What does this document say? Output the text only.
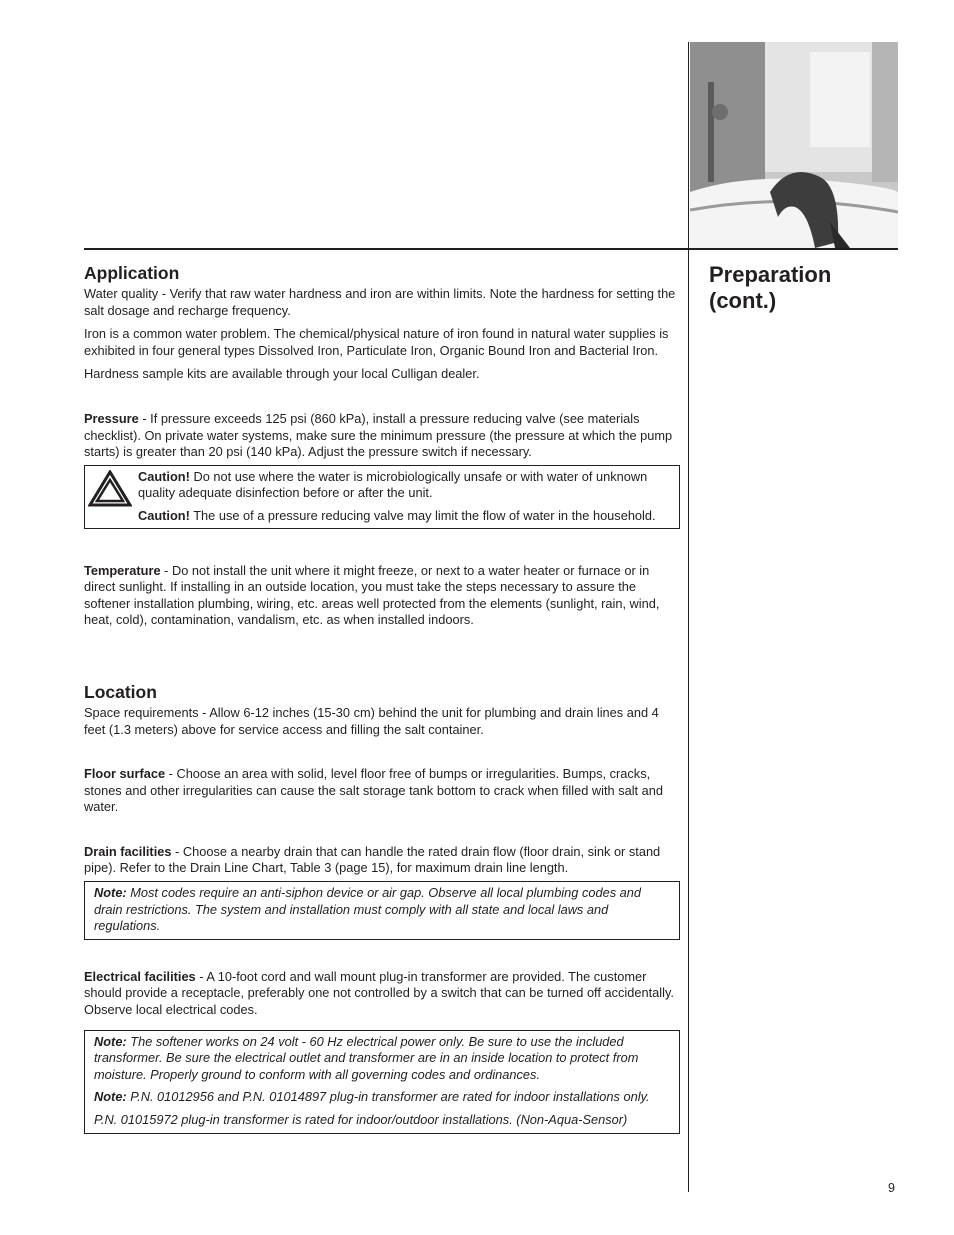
Preparation (cont.)
Application

Water quality - Verify that raw water hardness and iron are within limits. Note the hardness for setting the salt dosage and recharge frequency.

Iron is a common water problem. The chemical/physical nature of iron found in natural water supplies is exhibited in four general types Dissolved Iron, Particulate Iron, Organic Bound Iron and Bacterial Iron.

Hardness sample kits are available through your local Culligan dealer.

Pressure - If pressure exceeds 125 psi (860 kPa), install a pressure reducing valve (see materials checklist). On private water systems, make sure the minimum pressure (the pressure at which the pump starts) is greater than 20 psi (140 kPa). Adjust the pressure switch if necessary.

Caution! Do not use where the water is microbiologically unsafe or with water of unknown quality adequate disinfection before or after the unit.

Caution! The use of a pressure reducing valve may limit the flow of water in the household.

Temperature - Do not install the unit where it might freeze, or next to a water heater or furnace or in direct sunlight. If installing in an outside location, you must take the steps necessary to assure the softener installation plumbing, wiring, etc. areas well protected from the elements (sunlight, rain, wind, heat, cold), contamination, vandalism, etc. as when installed indoors.

Location

Space requirements - Allow 6-12 inches (15-30 cm) behind the unit for plumbing and drain lines and 4 feet (1.3 meters) above for service access and filling the salt container.

Floor surface - Choose an area with solid, level floor free of bumps or irregularities. Bumps, cracks, stones and other irregularities can cause the salt storage tank bottom to crack when filled with salt and water.

Drain facilities - Choose a nearby drain that can handle the rated drain flow (floor drain, sink or stand pipe). Refer to the Drain Line Chart, Table 3 (page 15), for maximum drain line length.

Note: Most codes require an anti-siphon device or air gap. Observe all local plumbing codes and drain restrictions. The system and installation must comply with all state and local laws and regulations.

Electrical facilities - A 10-foot cord and wall mount plug-in transformer are provided. The customer should provide a receptacle, preferably one not controlled by a switch that can be turned off accidentally. Observe local electrical codes.

Note: The softener works on 24 volt - 60 Hz electrical power only. Be sure to use the included transformer. Be sure the electrical outlet and transformer are in an inside location to protect from moisture. Properly ground to conform with all governing codes and ordinances.

Note: P.N. 01012956 and P.N. 01014897 plug-in transformer are rated for indoor installations only.

P.N. 01015972 plug-in transformer is rated for indoor/outdoor installations. (Non-Aqua-Sensor)

9
